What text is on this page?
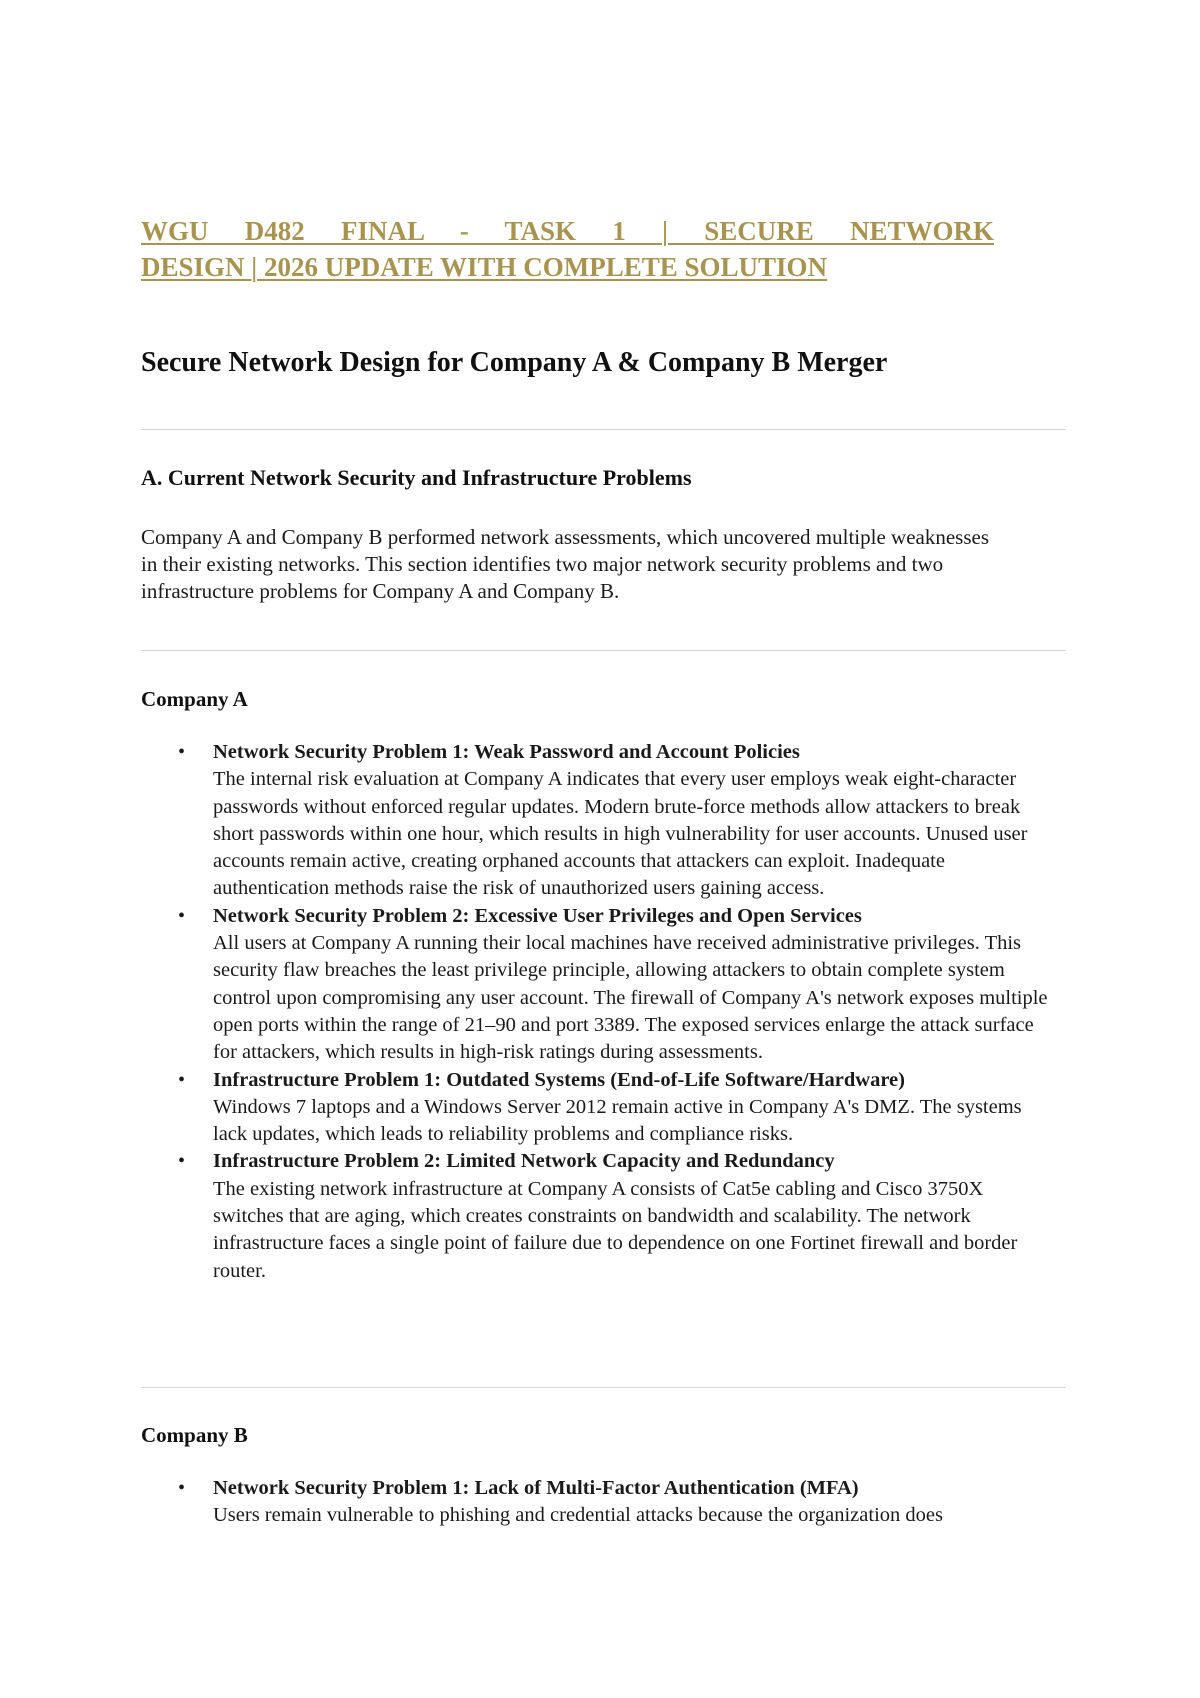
WGU D482 FINAL - TASK 1 | SECURE NETWORK
DESIGN | 2026 UPDATE WITH COMPLETE SOLUTION
Secure Network Design for Company A & Company B Merger
A. Current Network Security and Infrastructure Problems

Company A and Company B performed network assessments, which uncovered multiple weaknesses in their existing networks. This section identifies two major network security problems and two infrastructure problems for Company A and Company B.

Company A
• Network Security Problem 1: Weak Password and Account Policies
The internal risk evaluation at Company A indicates that every user employs weak eight-character passwords without enforced regular updates. Modern brute-force methods allow attackers to break short passwords within one hour, which results in high vulnerability for user accounts. Unused user accounts remain active, creating orphaned accounts that attackers can exploit. Inadequate authentication methods raise the risk of unauthorized users gaining access.
• Network Security Problem 2: Excessive User Privileges and Open Services
All users at Company A running their local machines have received administrative privileges. This security flaw breaches the least privilege principle, allowing attackers to obtain complete system control upon compromising any user account. The firewall of Company A's network exposes multiple open ports within the range of 21–90 and port 3389. The exposed services enlarge the attack surface for attackers, which results in high-risk ratings during assessments.
• Infrastructure Problem 1: Outdated Systems (End-of-Life Software/Hardware)
Windows 7 laptops and a Windows Server 2012 remain active in Company A's DMZ. The systems lack updates, which leads to reliability problems and compliance risks.
• Infrastructure Problem 2: Limited Network Capacity and Redundancy
The existing network infrastructure at Company A consists of Cat5e cabling and Cisco 3750X switches that are aging, which creates constraints on bandwidth and scalability. The network infrastructure faces a single point of failure due to dependence on one Fortinet firewall and border router.
Company B
• Network Security Problem 1: Lack of Multi-Factor Authentication (MFA)
Users remain vulnerable to phishing and credential attacks because the organization does
